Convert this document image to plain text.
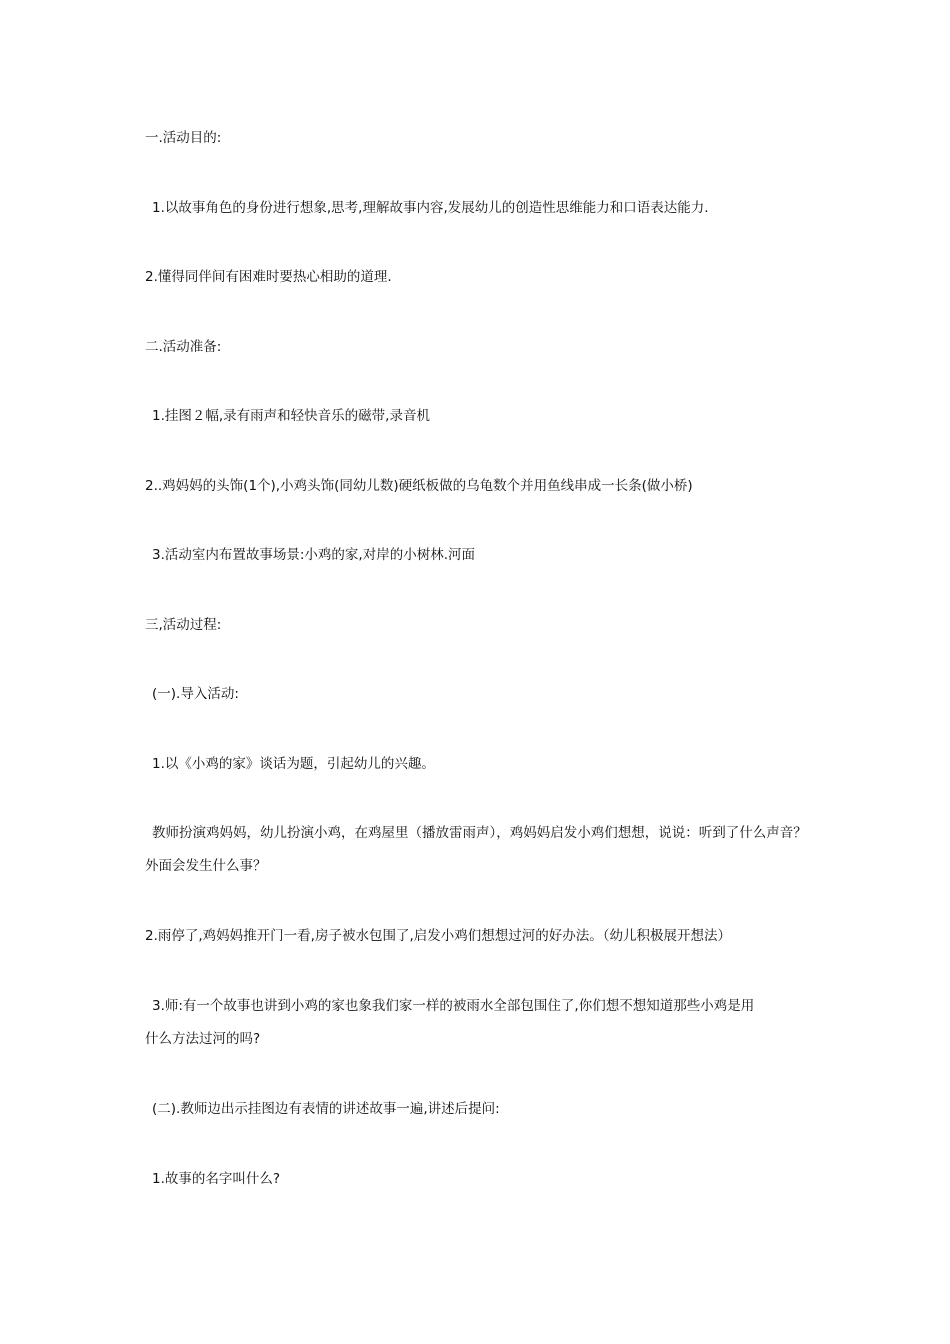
一.活动目的:
1.以故事角色的身份进行想象,思考,理解故事内容,发展幼儿的创造性思维能力和口语表达能力.
2.懂得同伴间有困难时要热心相助的道理.
二.活动准备:
1.挂图２幅,录有雨声和轻快音乐的磁带,录音机
2..鸡妈妈的头饰(1个),小鸡头饰(同幼儿数)硬纸板做的乌龟数个并用鱼线串成一长条(做小桥)
3.活动室内布置故事场景:小鸡的家,对岸的小树林.河面
三,活动过程:
(一).导入活动:
1.以《小鸡的家》谈话为题，引起幼儿的兴趣。
教师扮演鸡妈妈，幼儿扮演小鸡，在鸡屋里（播放雷雨声），鸡妈妈启发小鸡们想想，说说：听到了什么声音？
外面会发生什么事？
2.雨停了,鸡妈妈推开门一看,房子被水包围了,启发小鸡们想想过河的好办法。（幼儿积极展开想法）
3.师:有一个故事也讲到小鸡的家也象我们家一样的被雨水全部包围住了,你们想不想知道那些小鸡是用
什么方法过河的吗?
(二).教师边出示挂图边有表情的讲述故事一遍,讲述后提问:
1.故事的名字叫什么?
